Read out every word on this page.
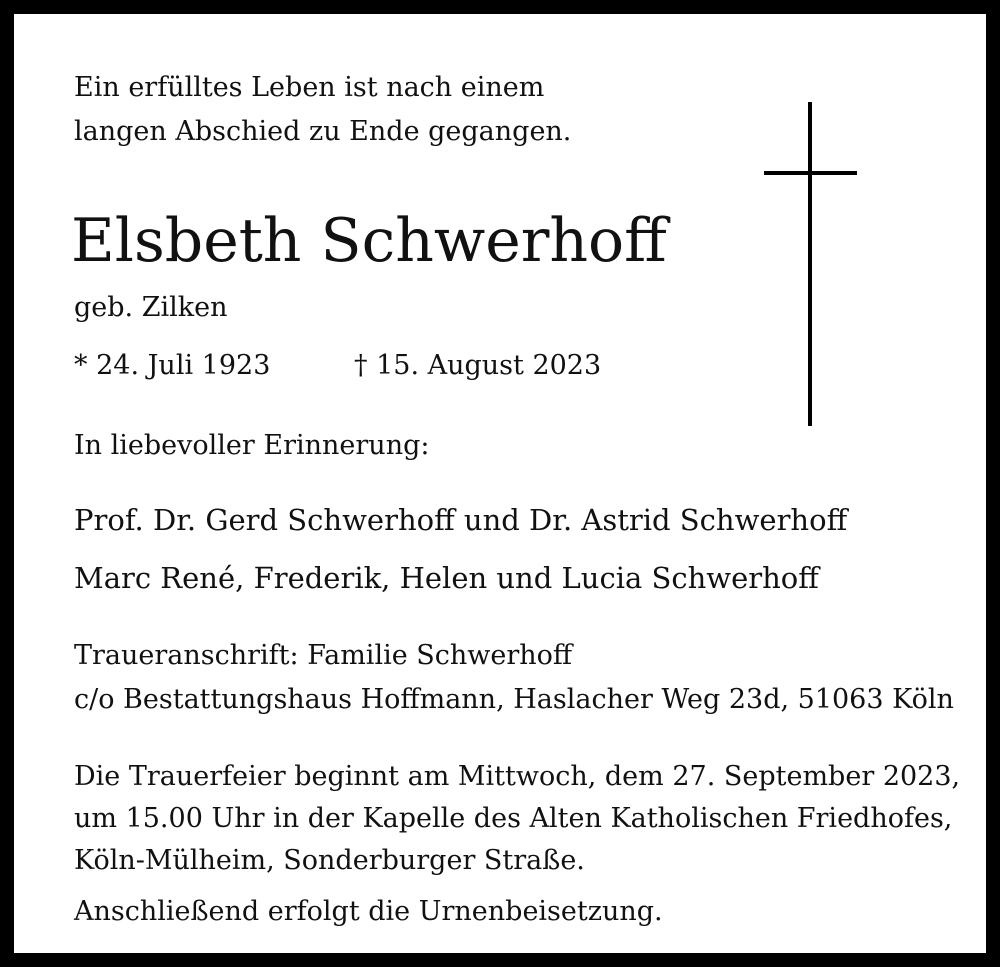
Ein erfülltes Leben ist nach einem

langen Abschied zu Ende gegangen.

Elsbeth Schwerhoff

geb. Zilken

* 24. Juli 1923	† 15. August 2023

In liebevoller Erinnerung:

Prof. Dr. Gerd Schwerhoff und Dr. Astrid Schwerhoff

Marc René, Frederik, Helen und Lucia Schwerhoff

Traueranschrift: Familie Schwerhoff

c/o Bestattungshaus Hoffmann, Haslacher Weg 23d, 51063 Köln

Die Trauerfeier beginnt am Mittwoch, dem 27. September 2023,

um 15.00 Uhr in der Kapelle des Alten Katholischen Friedhofes,

Köln-Mülheim, Sonderburger Straße.

Anschließend erfolgt die Urnenbeisetzung.
